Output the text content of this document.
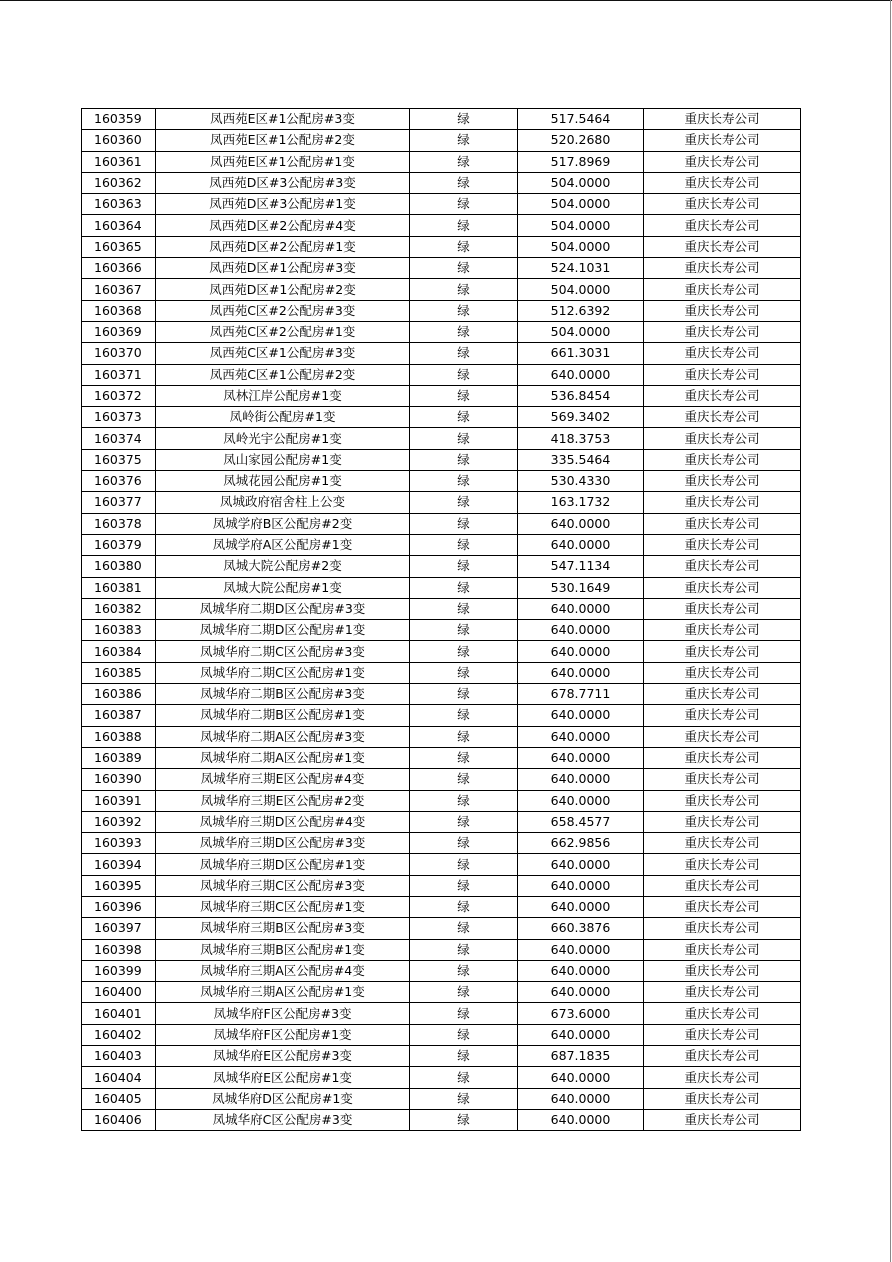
160359	凤西苑E区#1公配房#3变	绿	517.5464	重庆长寿公司
160360	凤西苑E区#1公配房#2变	绿	520.2680	重庆长寿公司
160361	凤西苑E区#1公配房#1变	绿	517.8969	重庆长寿公司
160362	凤西苑D区#3公配房#3变	绿	504.0000	重庆长寿公司
160363	凤西苑D区#3公配房#1变	绿	504.0000	重庆长寿公司
160364	凤西苑D区#2公配房#4变	绿	504.0000	重庆长寿公司
160365	凤西苑D区#2公配房#1变	绿	504.0000	重庆长寿公司
160366	凤西苑D区#1公配房#3变	绿	524.1031	重庆长寿公司
160367	凤西苑D区#1公配房#2变	绿	504.0000	重庆长寿公司
160368	凤西苑C区#2公配房#3变	绿	512.6392	重庆长寿公司
160369	凤西苑C区#2公配房#1变	绿	504.0000	重庆长寿公司
160370	凤西苑C区#1公配房#3变	绿	661.3031	重庆长寿公司
160371	凤西苑C区#1公配房#2变	绿	640.0000	重庆长寿公司
160372	凤林江岸公配房#1变	绿	536.8454	重庆长寿公司
160373	凤岭街公配房#1变	绿	569.3402	重庆长寿公司
160374	凤岭光宇公配房#1变	绿	418.3753	重庆长寿公司
160375	凤山家园公配房#1变	绿	335.5464	重庆长寿公司
160376	凤城花园公配房#1变	绿	530.4330	重庆长寿公司
160377	凤城政府宿舍柱上公变	绿	163.1732	重庆长寿公司
160378	凤城学府B区公配房#2变	绿	640.0000	重庆长寿公司
160379	凤城学府A区公配房#1变	绿	640.0000	重庆长寿公司
160380	凤城大院公配房#2变	绿	547.1134	重庆长寿公司
160381	凤城大院公配房#1变	绿	530.1649	重庆长寿公司
160382	凤城华府二期D区公配房#3变	绿	640.0000	重庆长寿公司
160383	凤城华府二期D区公配房#1变	绿	640.0000	重庆长寿公司
160384	凤城华府二期C区公配房#3变	绿	640.0000	重庆长寿公司
160385	凤城华府二期C区公配房#1变	绿	640.0000	重庆长寿公司
160386	凤城华府二期B区公配房#3变	绿	678.7711	重庆长寿公司
160387	凤城华府二期B区公配房#1变	绿	640.0000	重庆长寿公司
160388	凤城华府二期A区公配房#3变	绿	640.0000	重庆长寿公司
160389	凤城华府二期A区公配房#1变	绿	640.0000	重庆长寿公司
160390	凤城华府三期E区公配房#4变	绿	640.0000	重庆长寿公司
160391	凤城华府三期E区公配房#2变	绿	640.0000	重庆长寿公司
160392	凤城华府三期D区公配房#4变	绿	658.4577	重庆长寿公司
160393	凤城华府三期D区公配房#3变	绿	662.9856	重庆长寿公司
160394	凤城华府三期D区公配房#1变	绿	640.0000	重庆长寿公司
160395	凤城华府三期C区公配房#3变	绿	640.0000	重庆长寿公司
160396	凤城华府三期C区公配房#1变	绿	640.0000	重庆长寿公司
160397	凤城华府三期B区公配房#3变	绿	660.3876	重庆长寿公司
160398	凤城华府三期B区公配房#1变	绿	640.0000	重庆长寿公司
160399	凤城华府三期A区公配房#4变	绿	640.0000	重庆长寿公司
160400	凤城华府三期A区公配房#1变	绿	640.0000	重庆长寿公司
160401	凤城华府F区公配房#3变	绿	673.6000	重庆长寿公司
160402	凤城华府F区公配房#1变	绿	640.0000	重庆长寿公司
160403	凤城华府E区公配房#3变	绿	687.1835	重庆长寿公司
160404	凤城华府E区公配房#1变	绿	640.0000	重庆长寿公司
160405	凤城华府D区公配房#1变	绿	640.0000	重庆长寿公司
160406	凤城华府C区公配房#3变	绿	640.0000	重庆长寿公司
